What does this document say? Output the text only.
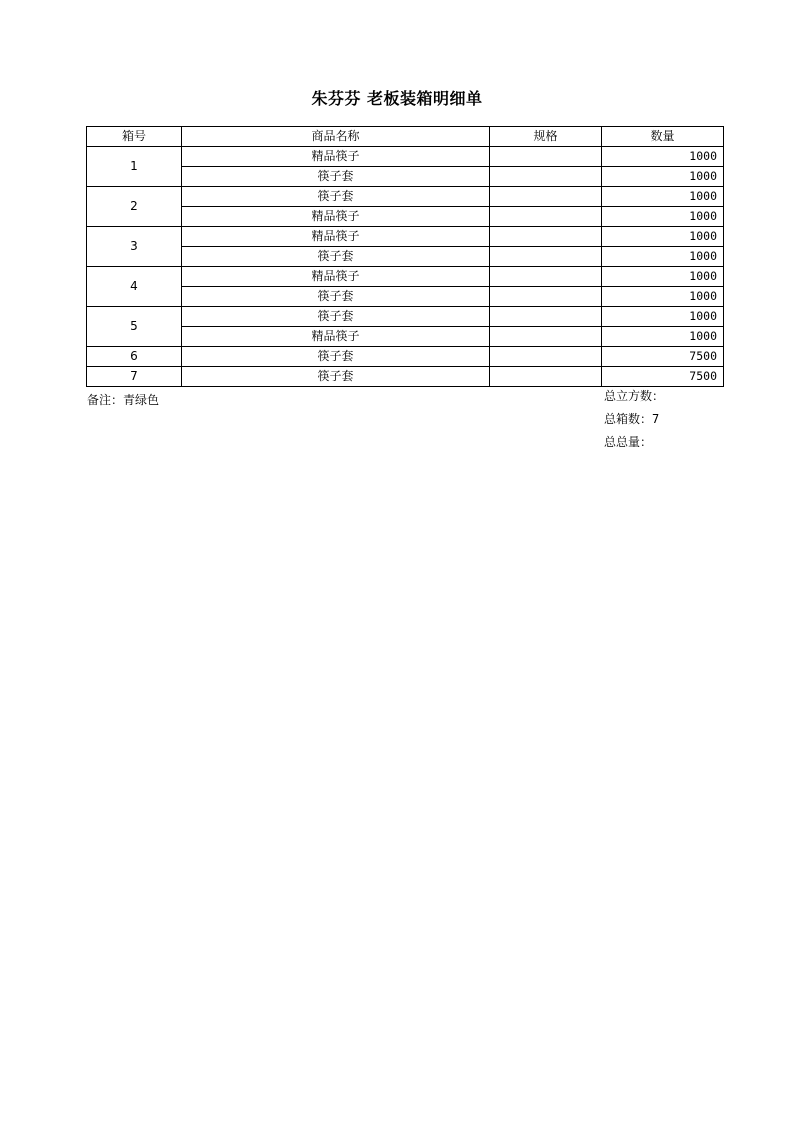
朱芬芬 老板装箱明细单
箱号	商品名称	规格	数量
1	精品筷子		1000
	筷子套		1000
2	筷子套		1000
	精品筷子		1000
3	精品筷子		1000
	筷子套		1000
4	精品筷子		1000
	筷子套		1000
5	筷子套		1000
	精品筷子		1000
6	筷子套		7500
7	筷子套		7500
备注：青绿色	总立方数：
总箱数：7
总总量：
